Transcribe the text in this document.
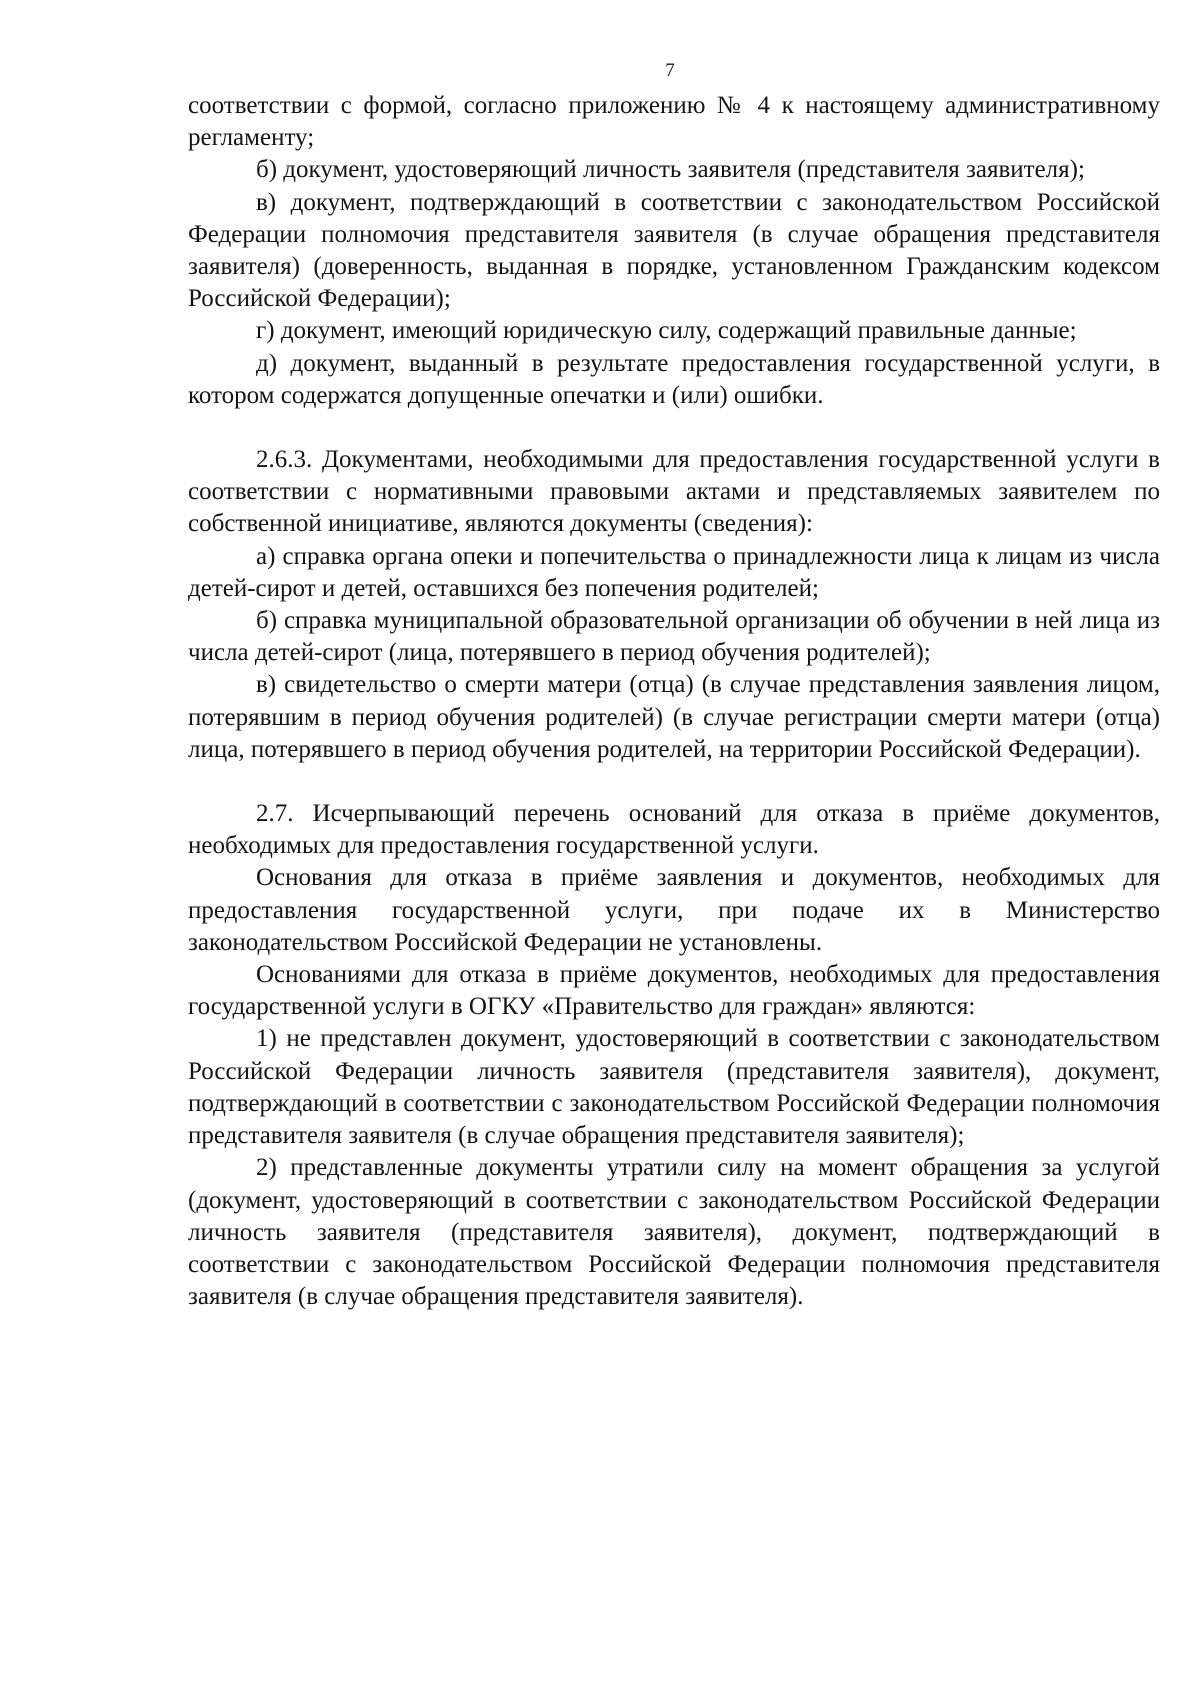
7

соответствии с формой, согласно приложению № 4 к настоящему административному регламенту;

б) документ, удостоверяющий личность заявителя (представителя заявителя);

в) документ, подтверждающий в соответствии с законодательством Российской Федерации полномочия представителя заявителя (в случае обращения представителя заявителя) (доверенность, выданная в порядке, установленном Гражданским кодексом Российской Федерации);

г) документ, имеющий юридическую силу, содержащий правильные данные;

д) документ, выданный в результате предоставления государственной услуги, в котором содержатся допущенные опечатки и (или) ошибки.

2.6.3. Документами, необходимыми для предоставления государственной услуги в соответствии с нормативными правовыми актами и представляемых заявителем по собственной инициативе, являются документы (сведения):

а) справка органа опеки и попечительства о принадлежности лица к лицам из числа детей-сирот и детей, оставшихся без попечения родителей;

б) справка муниципальной образовательной организации об обучении в ней лица из числа детей-сирот (лица, потерявшего в период обучения родителей);

в) свидетельство о смерти матери (отца) (в случае представления заявления лицом, потерявшим в период обучения родителей) (в случае регистрации смерти матери (отца) лица, потерявшего в период обучения родителей, на территории Российской Федерации).

2.7. Исчерпывающий перечень оснований для отказа в приёме документов, необходимых для предоставления государственной услуги.

Основания для отказа в приёме заявления и документов, необходимых для предоставления государственной услуги, при подаче их в Министерство законодательством Российской Федерации не установлены.

Основаниями для отказа в приёме документов, необходимых для предоставления государственной услуги в ОГКУ «Правительство для граждан» являются:

1) не представлен документ, удостоверяющий в соответствии с законодательством Российской Федерации личность заявителя (представителя заявителя), документ, подтверждающий в соответствии с законодательством Российской Федерации полномочия представителя заявителя (в случае обращения представителя заявителя);

2) представленные документы утратили силу на момент обращения за услугой (документ, удостоверяющий в соответствии с законодательством Российской Федерации личность заявителя (представителя заявителя), документ, подтверждающий в соответствии с законодательством Российской Федерации полномочия представителя заявителя (в случае обращения представителя заявителя).
